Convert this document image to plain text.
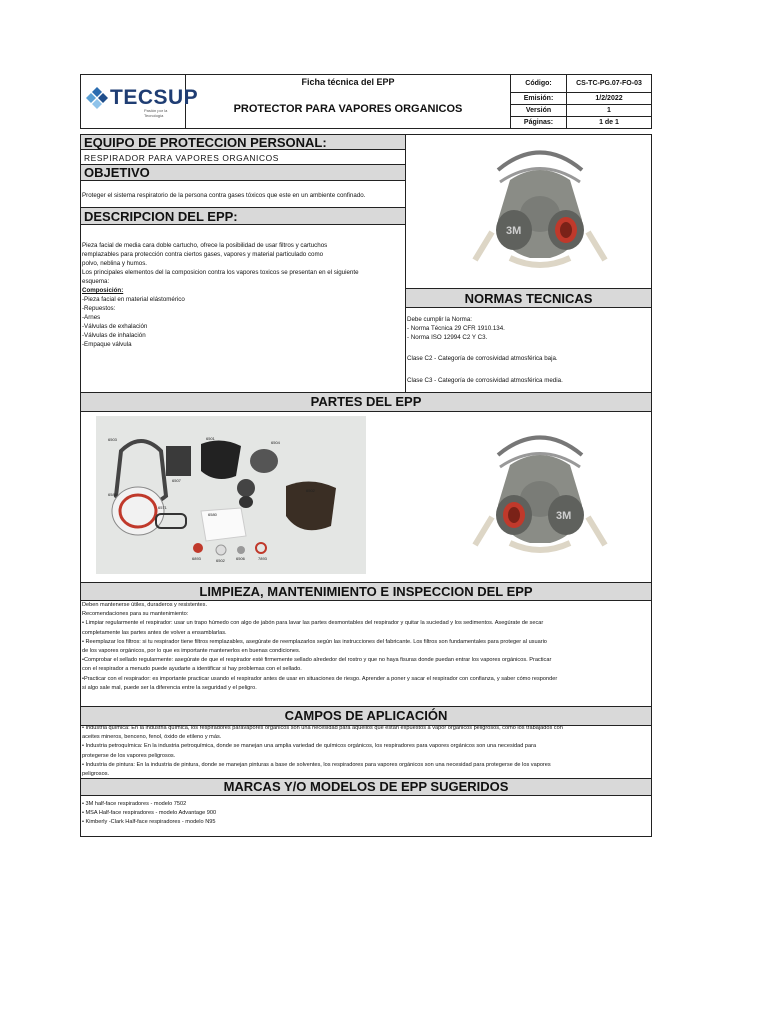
TECSUP
Pasión por la Tecnología
Ficha técnica del EPP
PROTECTOR PARA VAPORES ORGANICOS
Código:	CS-TC-PG.07-FO-03
Emisión:	1/2/2022
Versión	1
Páginas:	1 de 1
EQUIPO DE PROTECCION PERSONAL:
RESPIRADOR PARA VAPORES ORGANICOS
OBJETIVO
Proteger el sistema respiratorio de la persona contra gases tóxicos que este en un ambiente confinado.
DESCRIPCION DEL EPP:
Pieza facial de media cara doble cartucho, ofrece la posibilidad de usar filtros y cartuchos
remplazables para protección contra ciertos gases, vapores y material particulado como
polvo, neblina y humos.
Los principales elementos del la composicion contra los vapores toxicos se presentan en el siguiente
esquema:
Composición:
-Pieza facial en material elástomérico
-Repuestos:
-Arnes
-Válvulas de exhalación
-Válvulas de inhalación
-Empaque válvula
3M
NORMAS TECNICAS
Debe cumplir la Norma:
- Norma Técnica 29 CFR 1910.134.
- Norma ISO 12994 C2 Y C3.
Clase C2 - Categoría de corrosividad atmosférica baja.
Clase C3 - Categoría de corrosividad atmosférica media.
PARTES DEL EPP
6503	6501
6504
6507
6502
6571
6585
6580
6893	6502	6506	7893
3M
LIMPIEZA, MANTENIMIENTO E INSPECCION DEL EPP
Deben mantenerse útiles, duraderos y resistentes.
Recomendaciones para su mantenimiento:
• Limpiar regularmente el respirador: usar un trapo húmedo con algo de jabón para lavar las partes desmontables del respirador y quitar la suciedad y los sedimentos. Asegúrate de secar
completamente las partes antes de volver a ensamblarlas.
• Reemplazar los filtros: si tu respirador tiene filtros remplazables, asegúrate de reemplazarlos según las instrucciones del fabricante. Los filtros son fundamentales para proteger al usuario
de los vapores orgánicos, por lo que es importante mantenerlos en buenas condiciones.
•Comprobar el sellado regularmente: asegúrate de que el respirador esté firmemente sellado alrededor del rostro y que no haya fisuras donde puedan entrar los vapores orgánicos. Practicar
con el respirador a menudo puede ayudarte a identificar si hay problemas con el sellado.
•Practicar con el respirador: es importante practicar usando el respirador antes de usar en situaciones de riesgo. Aprender a poner y sacar el respirador con confianza, y saber cómo responder
si algo sale mal, puede ser la diferencia entre la seguridad y el peligro.
CAMPOS DE APLICACIÓN
• Industria química: En la industria química, los respiradores paravapores orgánicos son una necesidad para aquellos que están expuestos a vapor orgánicos peligrosos, como los trabajados con
aceites mineros, benceno, fenol, óxido de etileno y más.
• Industria petroquímica: En la industria petroquímica, donde se manejan una amplia variedad de químicos orgánicos, los respiradores para vapores orgánicos son una necesidad para
protegerse de los vapores peligrosos.
• Industria de pintura: En la industria de pintura, donde se manejan pinturas a base de solventes, los respiradores para vapores orgánicos son una necesidad para protegerse de los vapores
peligrosos.
MARCAS Y/O MODELOS DE EPP SUGERIDOS
• 3M half-face respiradores - modelo 7502
• MSA Half-face respiradores - modelo Advantage 900
• Kimberly -Clark Half-face respiradores - modelo N95
